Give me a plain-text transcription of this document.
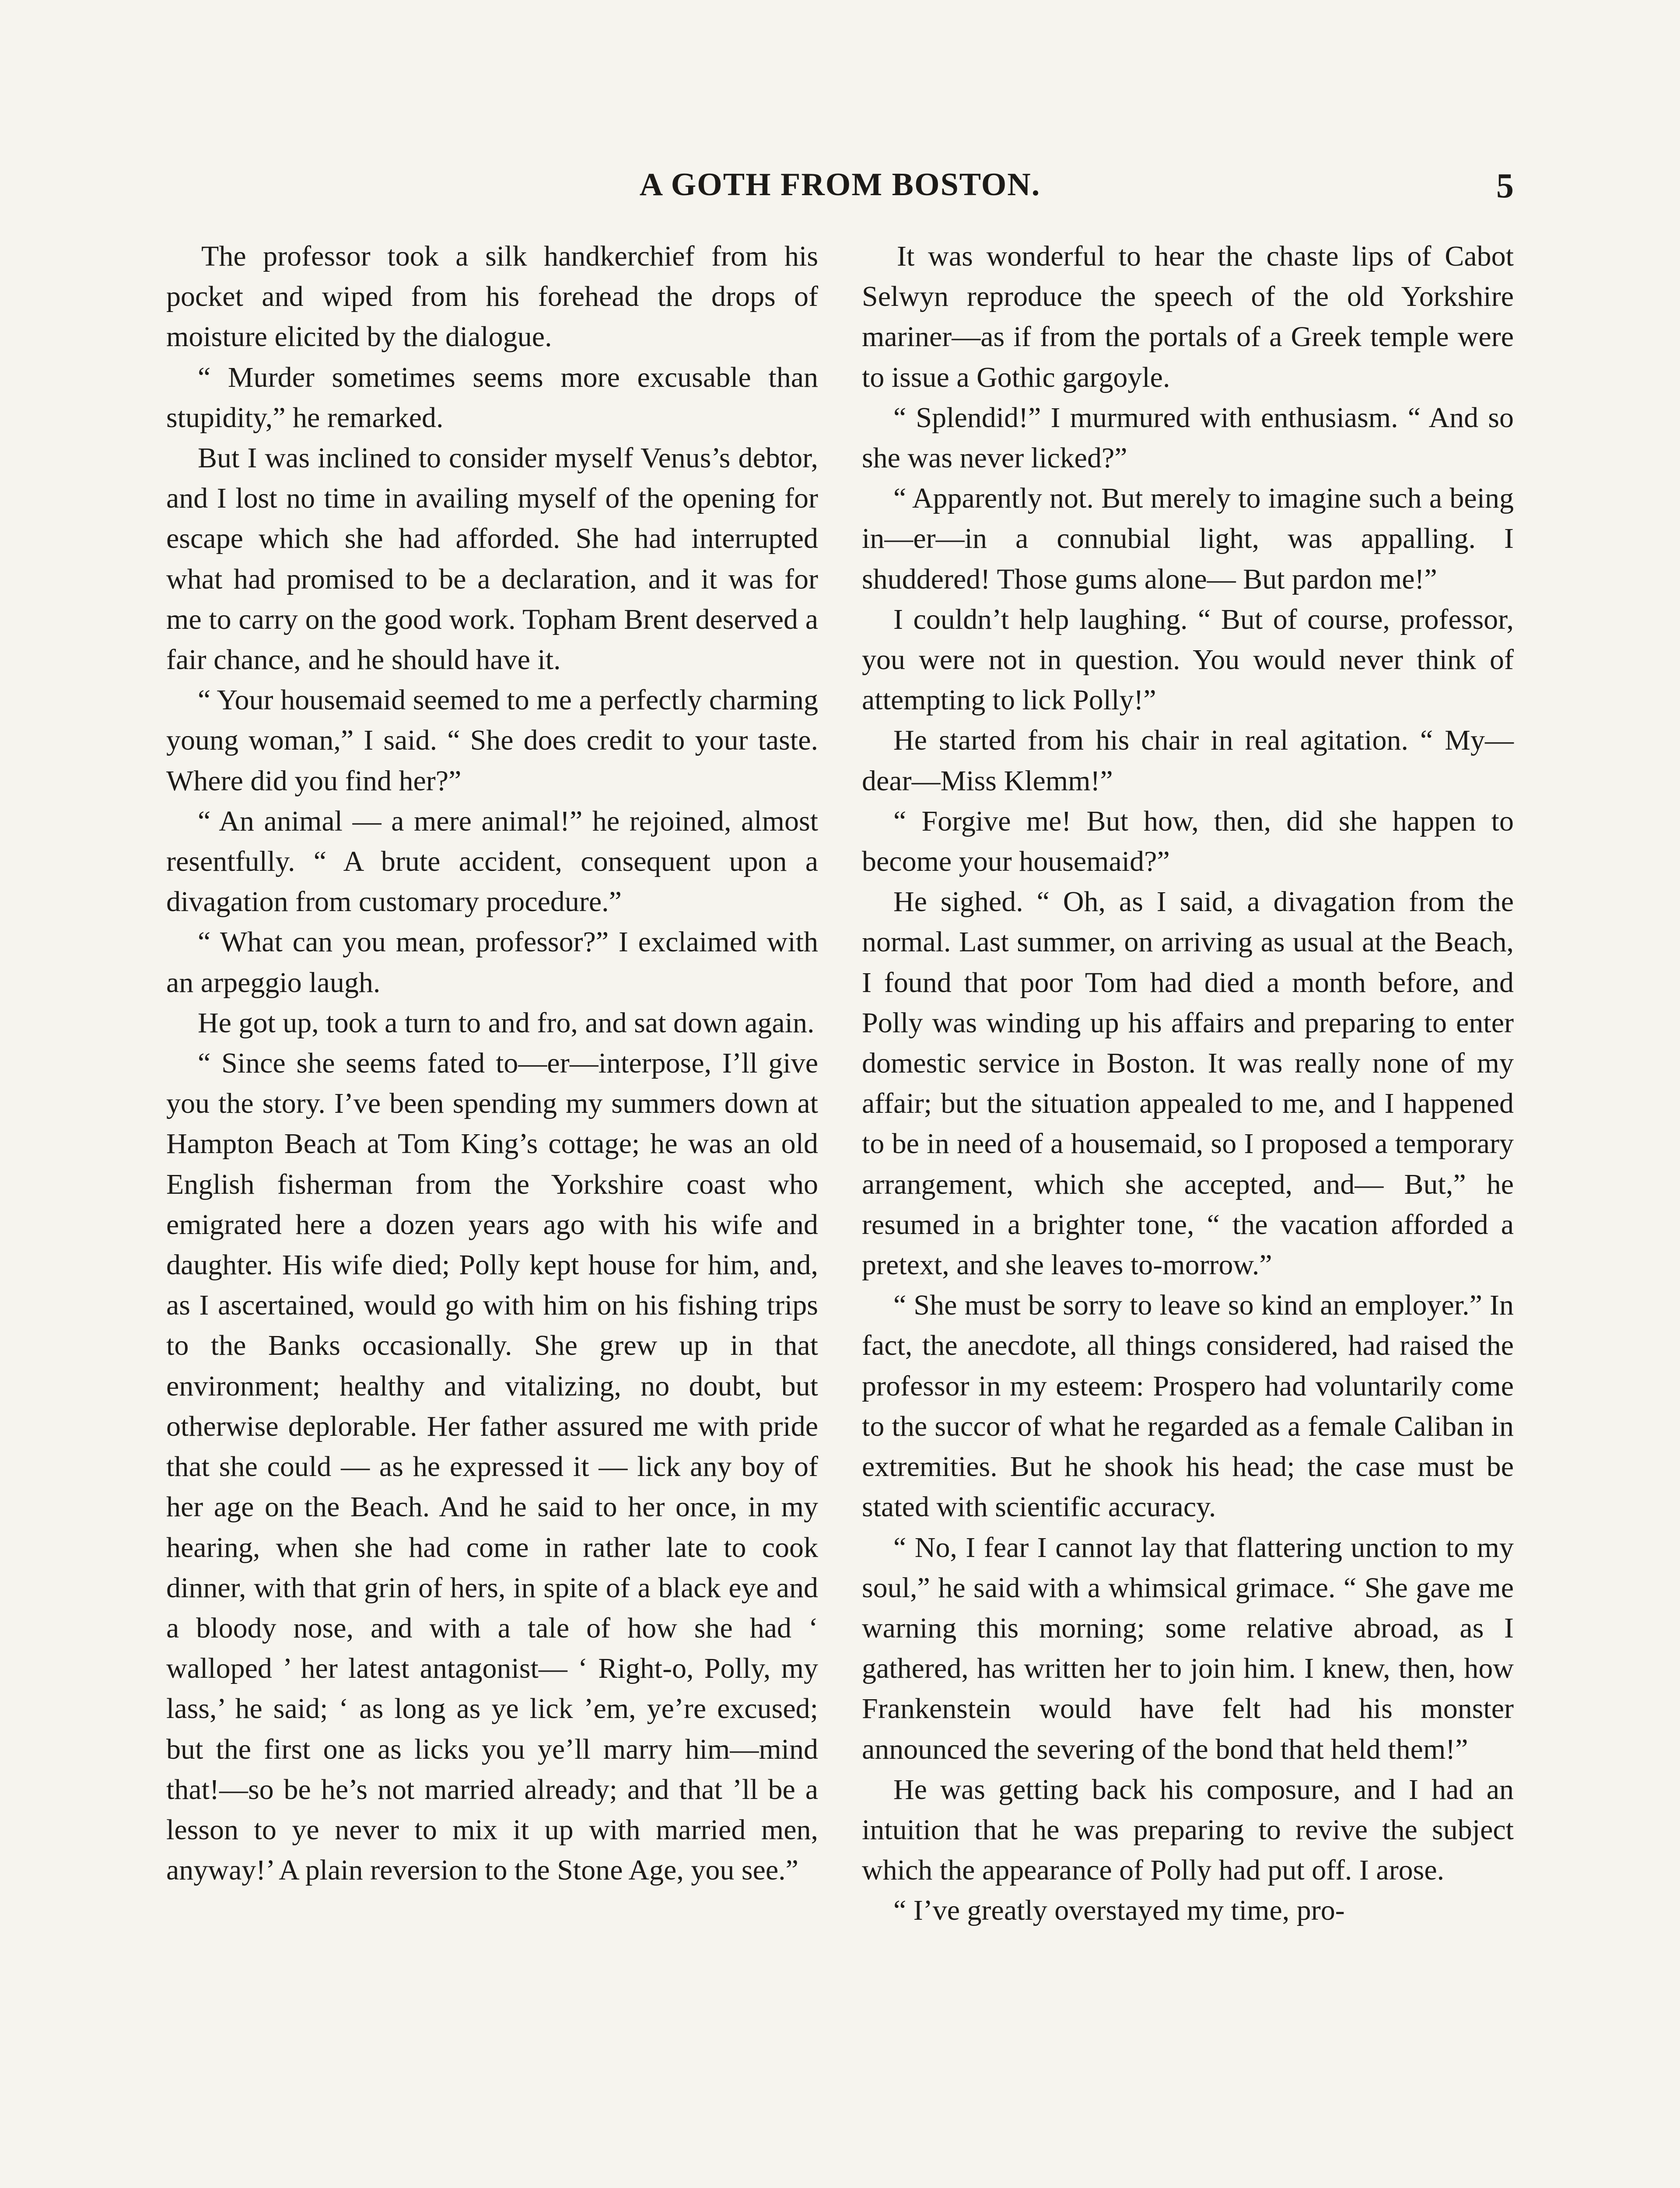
A GOTH FROM BOSTON.	5

The professor took a silk handkerchief from his pocket and wiped from his forehead the drops of moisture elicited by the dialogue.

“ Murder sometimes seems more excusable than stupidity,” he remarked.

But I was inclined to consider myself Venus’s debtor, and I lost no time in availing myself of the opening for escape which she had afforded. She had interrupted what had promised to be a declaration, and it was for me to carry on the good work. Topham Brent deserved a fair chance, and he should have it.

“ Your housemaid seemed to me a perfectly charming young woman,” I said. “ She does credit to your taste. Where did you find her?”

“ An animal — a mere animal!” he rejoined, almost resentfully. “ A brute accident, consequent upon a divagation from customary procedure.”

“ What can you mean, professor?” I exclaimed with an arpeggio laugh.

He got up, took a turn to and fro, and sat down again.

“ Since she seems fated to—er—interpose, I’ll give you the story. I’ve been spending my summers down at Hampton Beach at Tom King’s cottage; he was an old English fisherman from the Yorkshire coast who emigrated here a dozen years ago with his wife and daughter. His wife died; Polly kept house for him, and, as I ascertained, would go with him on his fishing trips to the Banks occasionally. She grew up in that environment; healthy and vitalizing, no doubt, but otherwise deplorable. Her father assured me with pride that she could — as he expressed it — lick any boy of her age on the Beach. And he said to her once, in my hearing, when she had come in rather late to cook dinner, with that grin of hers, in spite of a black eye and a bloody nose, and with a tale of how she had ‘ walloped ’ her latest antagonist— ‘ Right-o, Polly, my lass,’ he said; ‘ as long as ye lick ’em, ye’re excused; but the first one as licks you ye’ll marry him—mind that!—so be he’s not married already; and that ’ll be a lesson to ye never to mix it up with married men, anyway!’ A plain reversion to the Stone Age, you see.”

It was wonderful to hear the chaste lips of Cabot Selwyn reproduce the speech of the old Yorkshire mariner—as if from the portals of a Greek temple were to issue a Gothic gargoyle.

“ Splendid!” I murmured with enthusiasm. “ And so she was never licked?”

“ Apparently not. But merely to imagine such a being in—er—in a connubial light, was appalling. I shuddered! Those gums alone— But pardon me!”

I couldn’t help laughing. “ But of course, professor, you were not in question. You would never think of attempting to lick Polly!”

He started from his chair in real agitation. “ My—dear—Miss Klemm!”

“ Forgive me! But how, then, did she happen to become your housemaid?”

He sighed. “ Oh, as I said, a divagation from the normal. Last summer, on arriving as usual at the Beach, I found that poor Tom had died a month before, and Polly was winding up his affairs and preparing to enter domestic service in Boston. It was really none of my affair; but the situation appealed to me, and I happened to be in need of a housemaid, so I proposed a temporary arrangement, which she accepted, and— But,” he resumed in a brighter tone, “ the vacation afforded a pretext, and she leaves to-morrow.”

“ She must be sorry to leave so kind an employer.” In fact, the anecdote, all things considered, had raised the professor in my esteem: Prospero had voluntarily come to the succor of what he regarded as a female Caliban in extremities. But he shook his head; the case must be stated with scientific accuracy.

“ No, I fear I cannot lay that flattering unction to my soul,” he said with a whimsical grimace. “ She gave me warning this morning; some relative abroad, as I gathered, has written her to join him. I knew, then, how Frankenstein would have felt had his monster announced the severing of the bond that held them!”

He was getting back his composure, and I had an intuition that he was preparing to revive the subject which the appearance of Polly had put off. I arose.

“ I’ve greatly overstayed my time, pro-
